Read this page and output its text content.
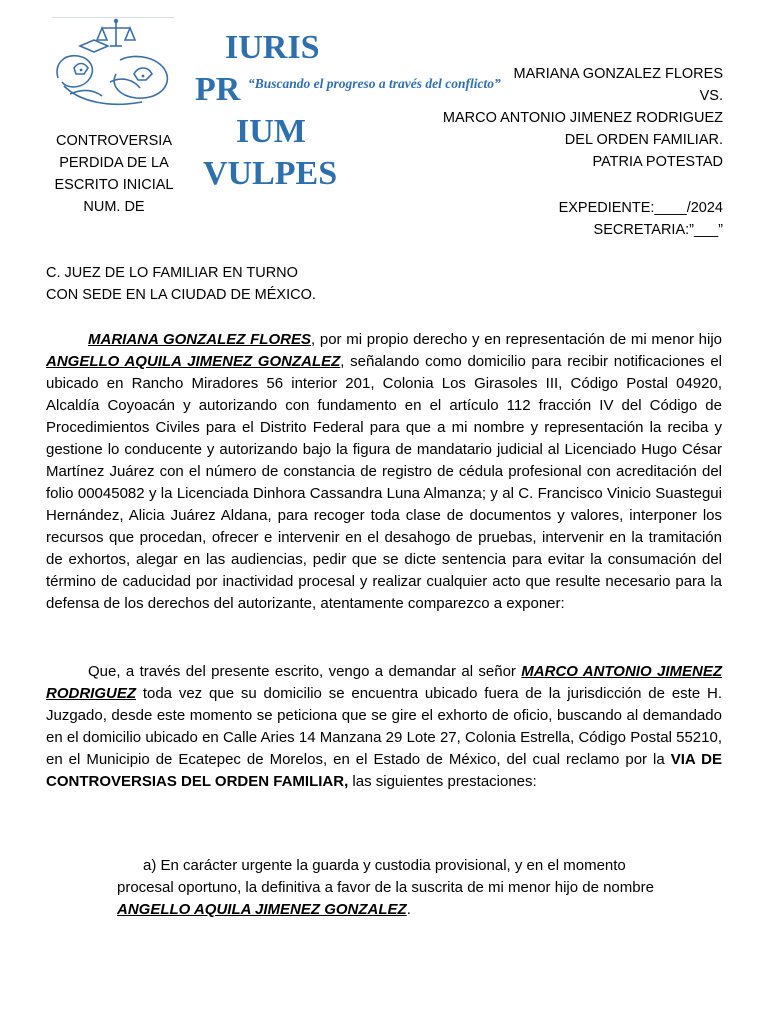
IURIS
PR
IUM
VULPES
“Buscando el progreso a través del conflicto”
CONTROVERSIA
PERDIDA DE LA
ESCRITO INICIAL
NUM. DE
MARIANA GONZALEZ FLORES
VS.
MARCO ANTONIO JIMENEZ RODRIGUEZ
DEL ORDEN FAMILIAR.
PATRIA POTESTAD
EXPEDIENTE:____/2024
SECRETARIA:”___”
C. JUEZ DE LO FAMILIAR EN TURNO
CON SEDE EN LA CIUDAD DE MÉXICO.
MARIANA GONZALEZ FLORES, por mi propio derecho y en representación de mi menor hijo ANGELLO AQUILA JIMENEZ GONZALEZ, señalando como domicilio para recibir notificaciones el ubicado en Rancho Miradores 56 interior 201, Colonia Los Girasoles III, Código Postal 04920, Alcaldía Coyoacán y autorizando con fundamento en el artículo 112 fracción IV del Código de Procedimientos Civiles para el Distrito Federal para que a mi nombre y representación la reciba y gestione lo conducente y autorizando bajo la figura de mandatario judicial al Licenciado Hugo César Martínez Juárez con el número de constancia de registro de cédula profesional con acreditación del folio 00045082 y la Licenciada Dinhora Cassandra Luna Almanza; y al C. Francisco Vinicio Suastegui Hernández, Alicia Juárez Aldana, para recoger toda clase de documentos y valores, interponer los recursos que procedan, ofrecer e intervenir en el desahogo de pruebas, intervenir en la tramitación de exhortos, alegar en las audiencias, pedir que se dicte sentencia para evitar la consumación del término de caducidad por inactividad procesal y realizar cualquier acto que resulte necesario para la defensa de los derechos del autorizante, atentamente comparezco a exponer:
Que, a través del presente escrito, vengo a demandar al señor MARCO ANTONIO JIMENEZ RODRIGUEZ toda vez que su domicilio se encuentra ubicado fuera de la jurisdicción de este H. Juzgado, desde este momento se peticiona que se gire el exhorto de oficio, buscando al demandado en el domicilio ubicado en Calle Aries 14 Manzana 29 Lote 27, Colonia Estrella, Código Postal 55210, en el Municipio de Ecatepec de Morelos, en el Estado de México, del cual reclamo por la VIA DE CONTROVERSIAS DEL ORDEN FAMILIAR, las siguientes prestaciones:
a) En carácter urgente la guarda y custodia provisional, y en el momento procesal oportuno, la definitiva a favor de la suscrita de mi menor hijo de nombre ANGELLO AQUILA JIMENEZ GONZALEZ.
